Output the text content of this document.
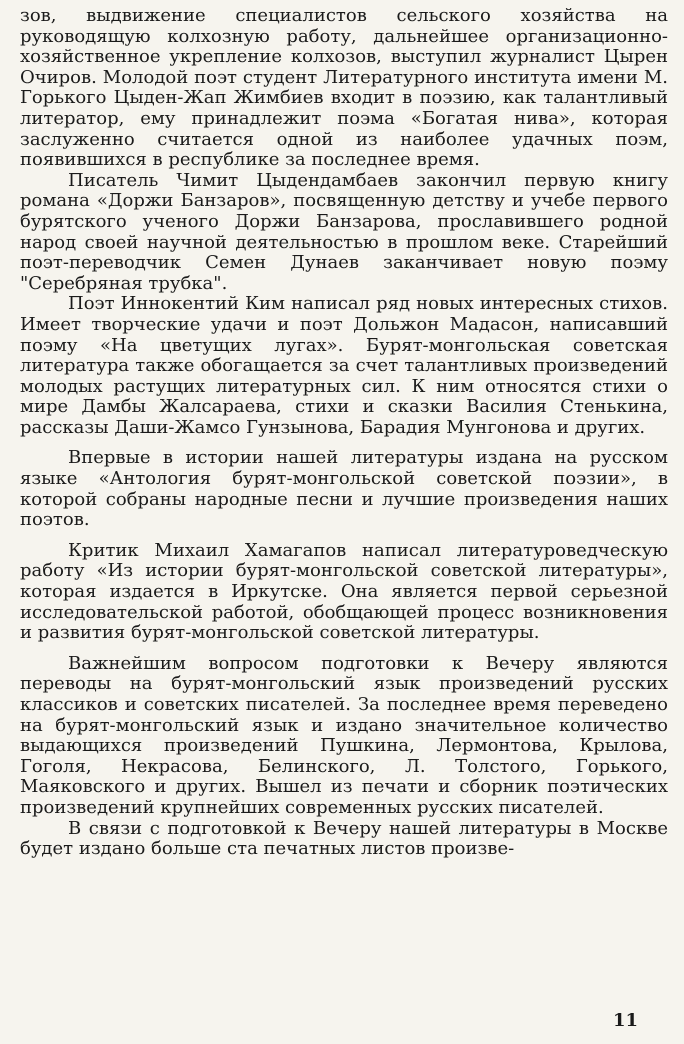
зов, выдвижение специалистов сельского хозяйства на руководящую колхозную работу, дальнейшее организационно-хозяйственное укрепление колхозов, выступил журналист Цырен Очиров. Молодой поэт студент Литературного института имени М. Горького Цыден-Жап Жимбиев входит в поэзию, как талантливый литератор, ему принадлежит поэма «Богатая нива», которая заслуженно считается одной из наиболее удачных поэм, появившихся в республике за последнее время.

Писатель Чимит Цыдендамбаев закончил первую книгу романа «Доржи Банзаров», посвященную детству и учебе первого бурятского ученого Доржи Банзарова, прославившего родной народ своей научной деятельностью в прошлом веке. Старейший поэт-переводчик Семен Дунаев заканчивает новую поэму "Серебряная трубка".

Поэт Иннокентий Ким написал ряд новых интересных стихов. Имеет творческие удачи и поэт Дольжон Мадасон, написавший поэму «На цветущих лугах». Бурят-монгольская советская литература также обогащается за счет талантливых произведений молодых растущих литературных сил. К ним относятся стихи о мире Дамбы Жалсараева, стихи и сказки Василия Стенькина, рассказы Даши-Жамсо Гунзынова, Барадия Мунгонова и других.

Впервые в истории нашей литературы издана на русском языке «Антология бурят-монгольской советской поэзии», в которой собраны народные песни и лучшие произведения наших поэтов.

Критик Михаил Хамагапов написал литературоведческую работу «Из истории бурят-монгольской советской литературы», которая издается в Иркутске. Она является первой серьезной исследовательской работой, обобщающей процесс возникновения и развития бурят-монгольской советской литературы.

Важнейшим вопросом подготовки к Вечеру являются переводы на бурят-монгольский язык произведений русских классиков и советских писателей. За последнее время переведено на бурят-монгольский язык и издано значительное количество выдающихся произведений Пушкина, Лермонтова, Крылова, Гоголя, Некрасова, Белинского, Л. Толстого, Горького, Маяковского и других. Вышел из печати и сборник поэтических произведений крупнейших современных русских писателей.

В связи с подготовкой к Вечеру нашей литературы в Москве будет издано больше ста печатных листов произве-

11
